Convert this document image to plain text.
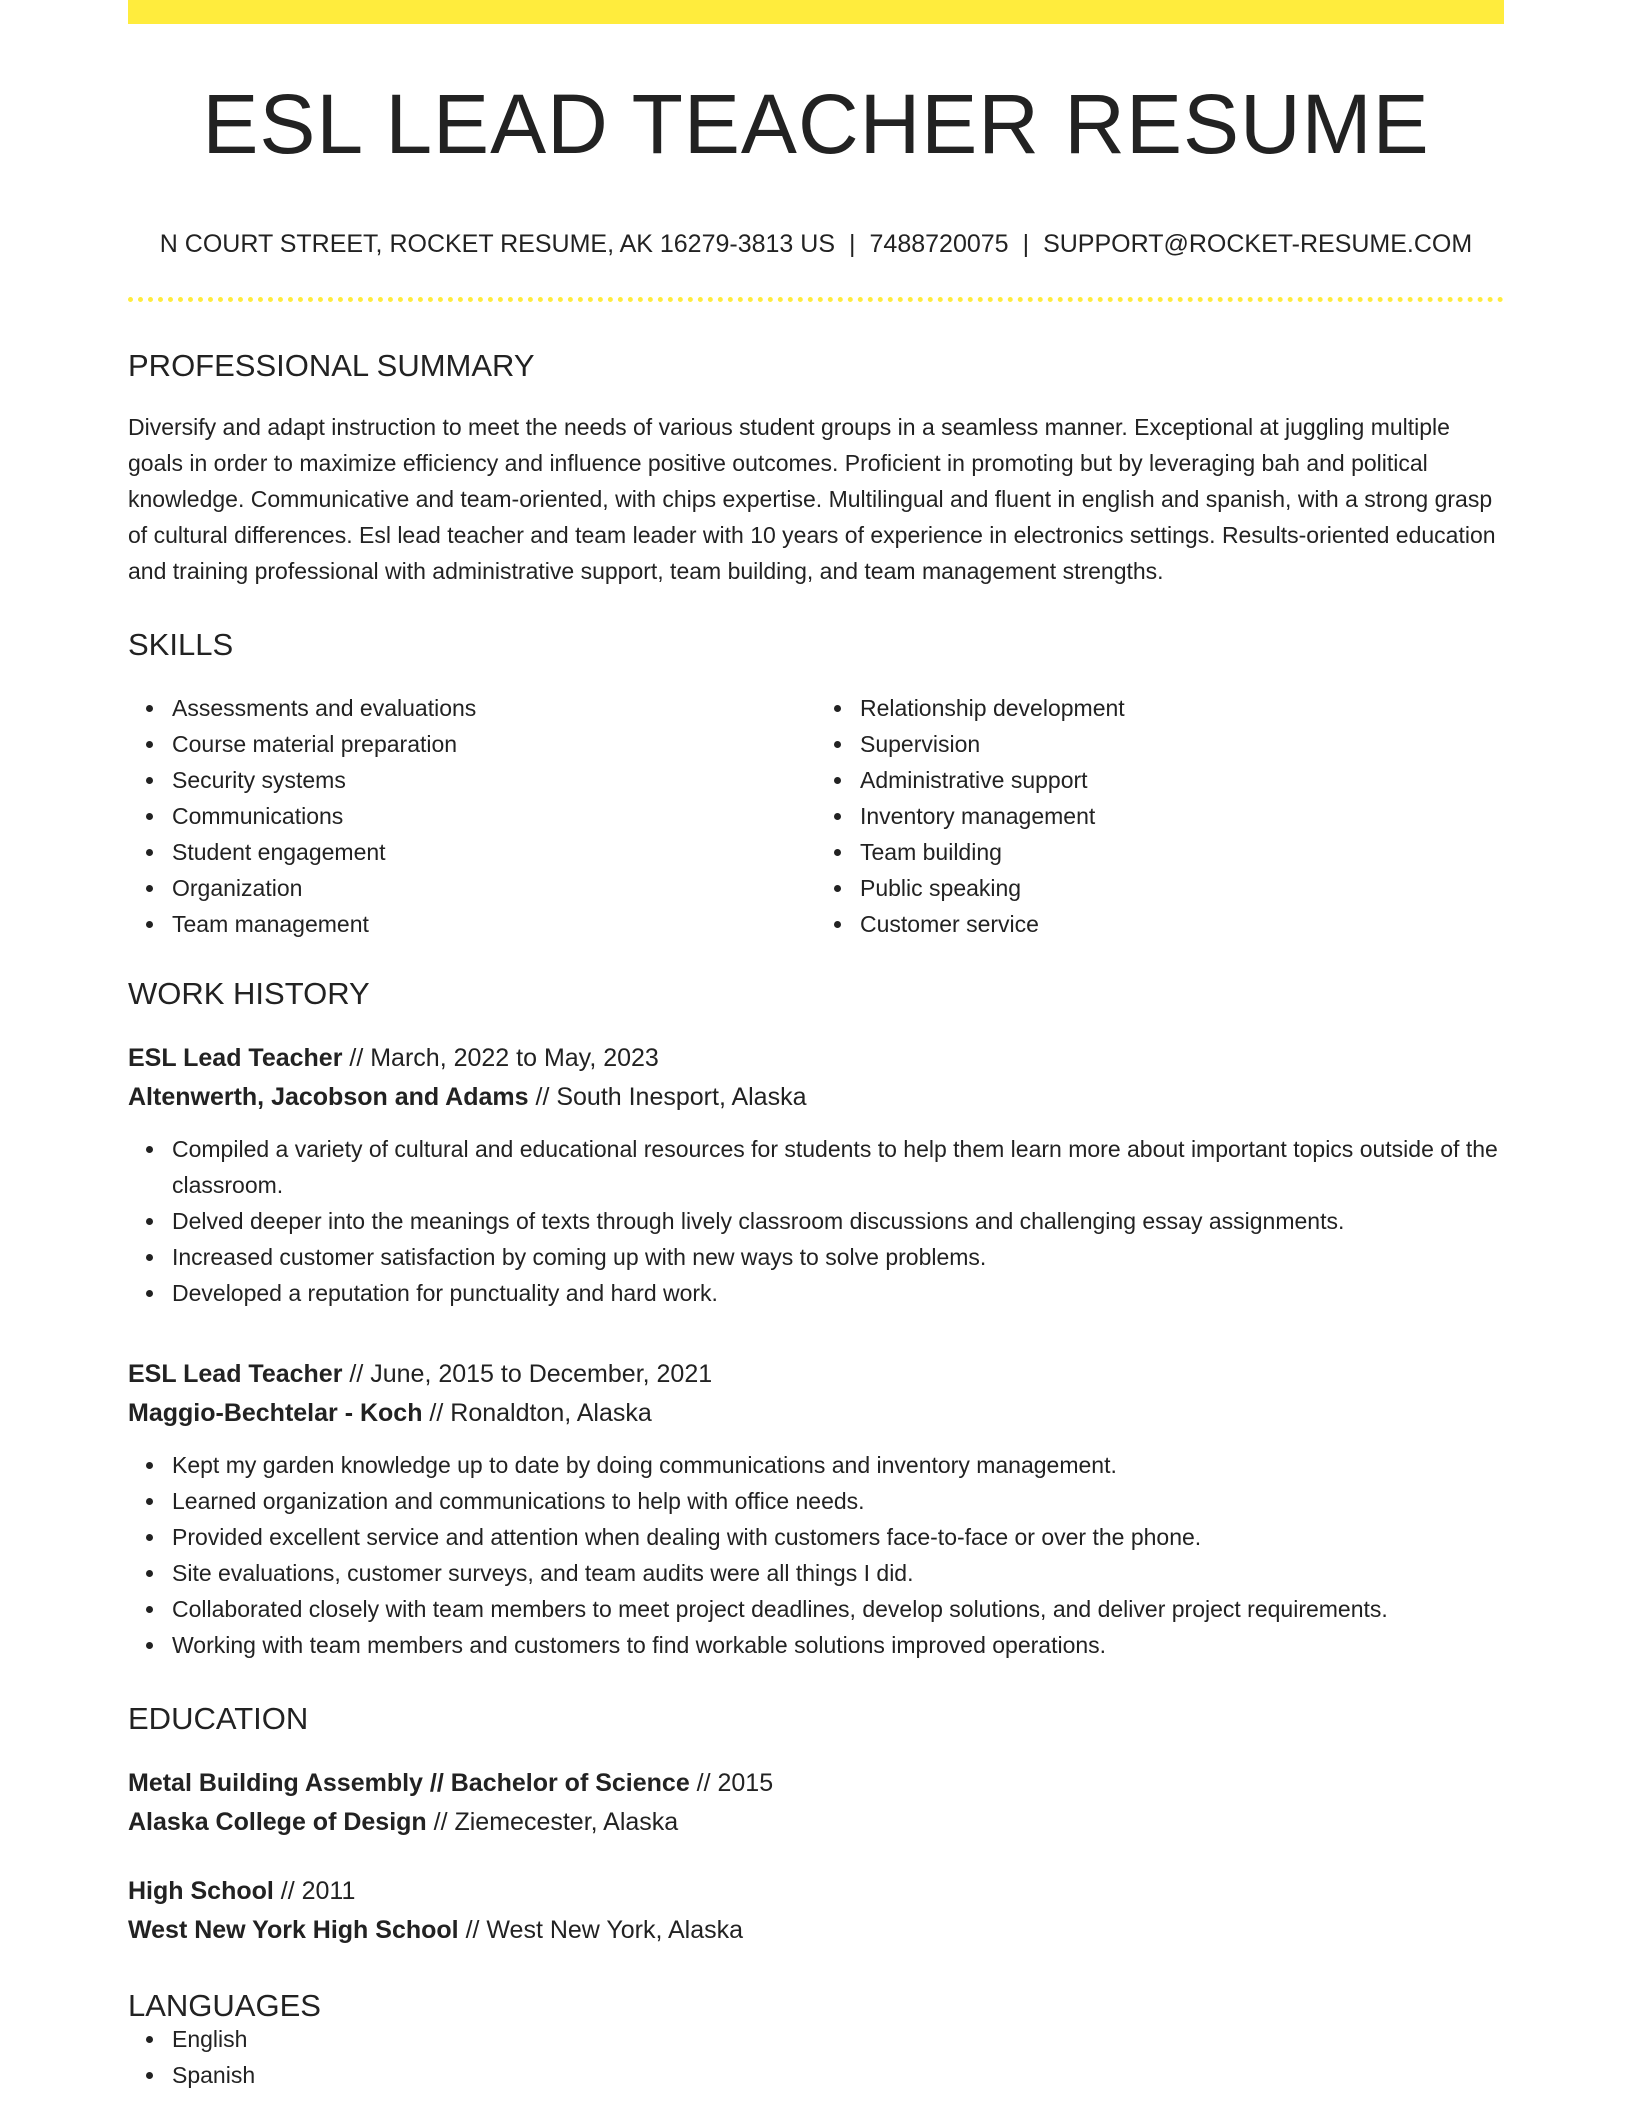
ESL LEAD TEACHER RESUME
N COURT STREET, ROCKET RESUME, AK 16279-3813 US | 7488720075 | SUPPORT@ROCKET-RESUME.COM
PROFESSIONAL SUMMARY

Diversify and adapt instruction to meet the needs of various student groups in a seamless manner. Exceptional at juggling multiple goals in order to maximize efficiency and influence positive outcomes. Proficient in promoting but by leveraging bah and political knowledge. Communicative and team-oriented, with chips expertise. Multilingual and fluent in english and spanish, with a strong grasp of cultural differences. Esl lead teacher and team leader with 10 years of experience in electronics settings. Results-oriented education and training professional with administrative support, team building, and team management strengths.

SKILLS
Assessments and evaluations
Course material preparation
Security systems
Communications
Student engagement
Organization
Team management
Relationship development
Supervision
Administrative support
Inventory management
Team building
Public speaking
Customer service
WORK HISTORY
ESL Lead Teacher // March, 2022 to May, 2023
Altenwerth, Jacobson and Adams // South Inesport, Alaska
Compiled a variety of cultural and educational resources for students to help them learn more about important topics outside of the classroom.
Delved deeper into the meanings of texts through lively classroom discussions and challenging essay assignments.
Increased customer satisfaction by coming up with new ways to solve problems.
Developed a reputation for punctuality and hard work.
ESL Lead Teacher // June, 2015 to December, 2021
Maggio-Bechtelar - Koch // Ronaldton, Alaska
Kept my garden knowledge up to date by doing communications and inventory management.
Learned organization and communications to help with office needs.
Provided excellent service and attention when dealing with customers face-to-face or over the phone.
Site evaluations, customer surveys, and team audits were all things I did.
Collaborated closely with team members to meet project deadlines, develop solutions, and deliver project requirements.
Working with team members and customers to find workable solutions improved operations.
EDUCATION
Metal Building Assembly // Bachelor of Science // 2015
Alaska College of Design // Ziemecester, Alaska
High School // 2011
West New York High School // West New York, Alaska
LANGUAGES
English
Spanish
